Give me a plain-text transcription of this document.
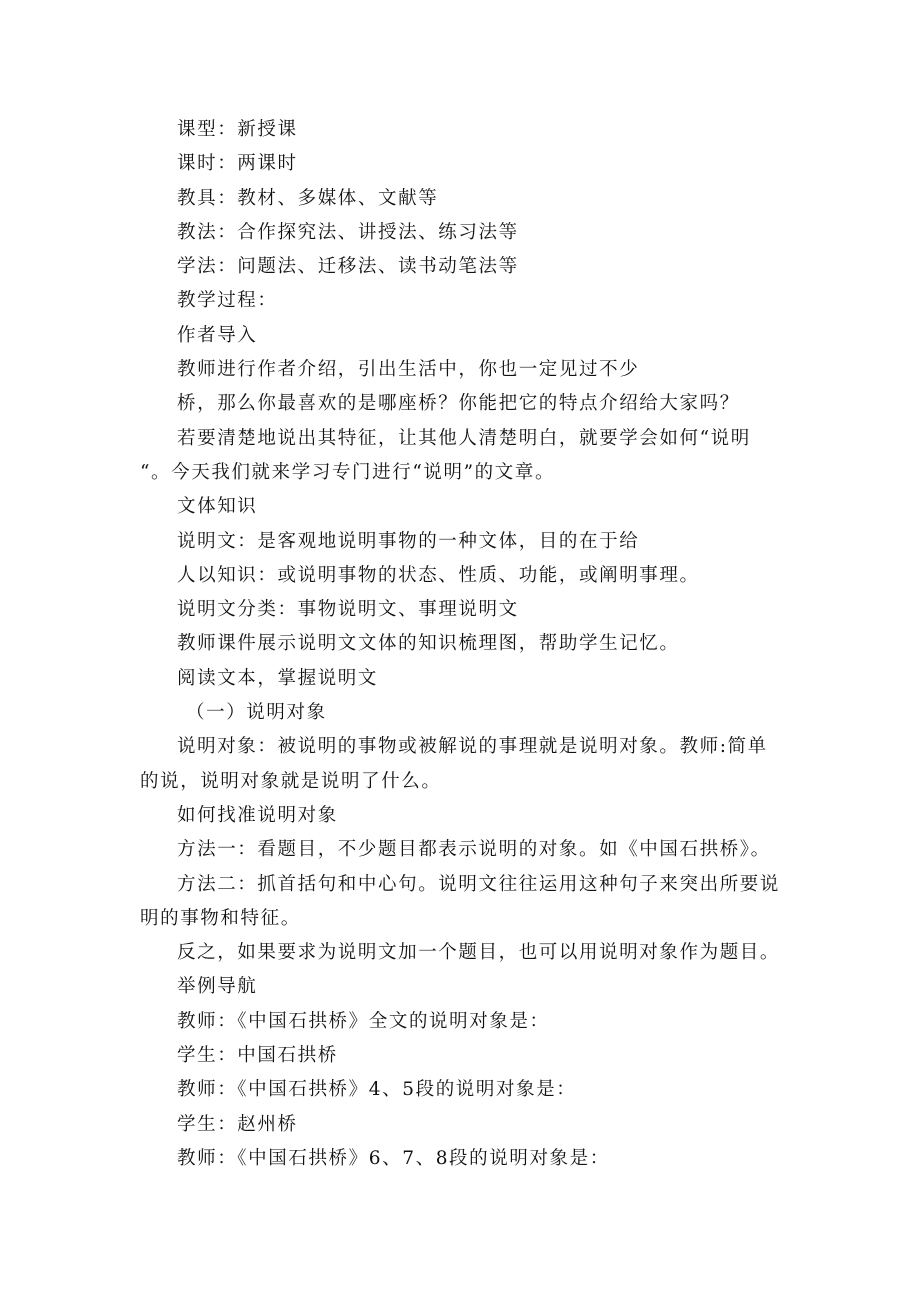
课型：新授课
课时：两课时
教具：教材、多媒体、文献等
教法：合作探究法、讲授法、练习法等
学法：问题法、迁移法、读书动笔法等
教学过程：
作者导入
教师进行作者介绍，引出生活中，你也一定见过不少
桥，那么你最喜欢的是哪座桥？你能把它的特点介绍给大家吗？
若要清楚地说出其特征，让其他人清楚明白，就要学会如何“说明
“。今天我们就来学习专门进行“说明”的文章。
文体知识
说明文：是客观地说明事物的一种文体，目的在于给
人以知识：或说明事物的状态、性质、功能，或阐明事理。
说明文分类：事物说明文、事理说明文
教师课件展示说明文文体的知识梳理图，帮助学生记忆。
阅读文本，掌握说明文
（一）说明对象
说明对象：被说明的事物或被解说的事理就是说明对象。教师:简单
的说，说明对象就是说明了什么。
如何找准说明对象
方法一：看题目，不少题目都表示说明的对象。如《中国石拱桥》。
方法二：抓首括句和中心句。说明文往往运用这种句子来突出所要说
明的事物和特征。
反之，如果要求为说明文加一个题目，也可以用说明对象作为题目。
举例导航
教师：《中国石拱桥》全文的说明对象是：
学生：中国石拱桥
教师：《中国石拱桥》4、5段的说明对象是：
学生：赵州桥
教师：《中国石拱桥》6、7、8段的说明对象是：
